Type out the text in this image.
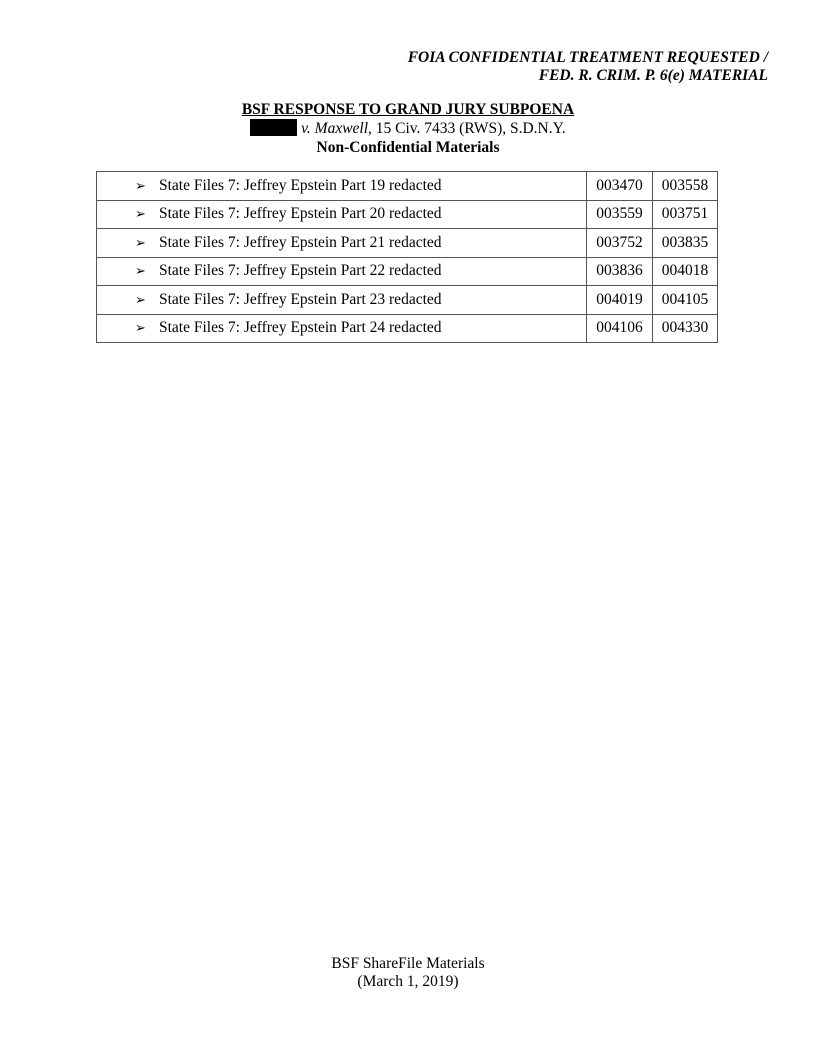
FOIA CONFIDENTIAL TREATMENT REQUESTED /
FED. R. CRIM. P. 6(e) MATERIAL
BSF RESPONSE TO GRAND JURY SUBPOENA
v. Maxwell, 15 Civ. 7433 (RWS), S.D.N.Y.
Non-Confidential Materials
➢ State Files 7: Jeffrey Epstein Part 19 redacted	003470	003558
➢ State Files 7: Jeffrey Epstein Part 20 redacted	003559	003751
➢ State Files 7: Jeffrey Epstein Part 21 redacted	003752	003835
➢ State Files 7: Jeffrey Epstein Part 22 redacted	003836	004018
➢ State Files 7: Jeffrey Epstein Part 23 redacted	004019	004105
➢ State Files 7: Jeffrey Epstein Part 24 redacted	004106	004330
BSF ShareFile Materials
(March 1, 2019)
